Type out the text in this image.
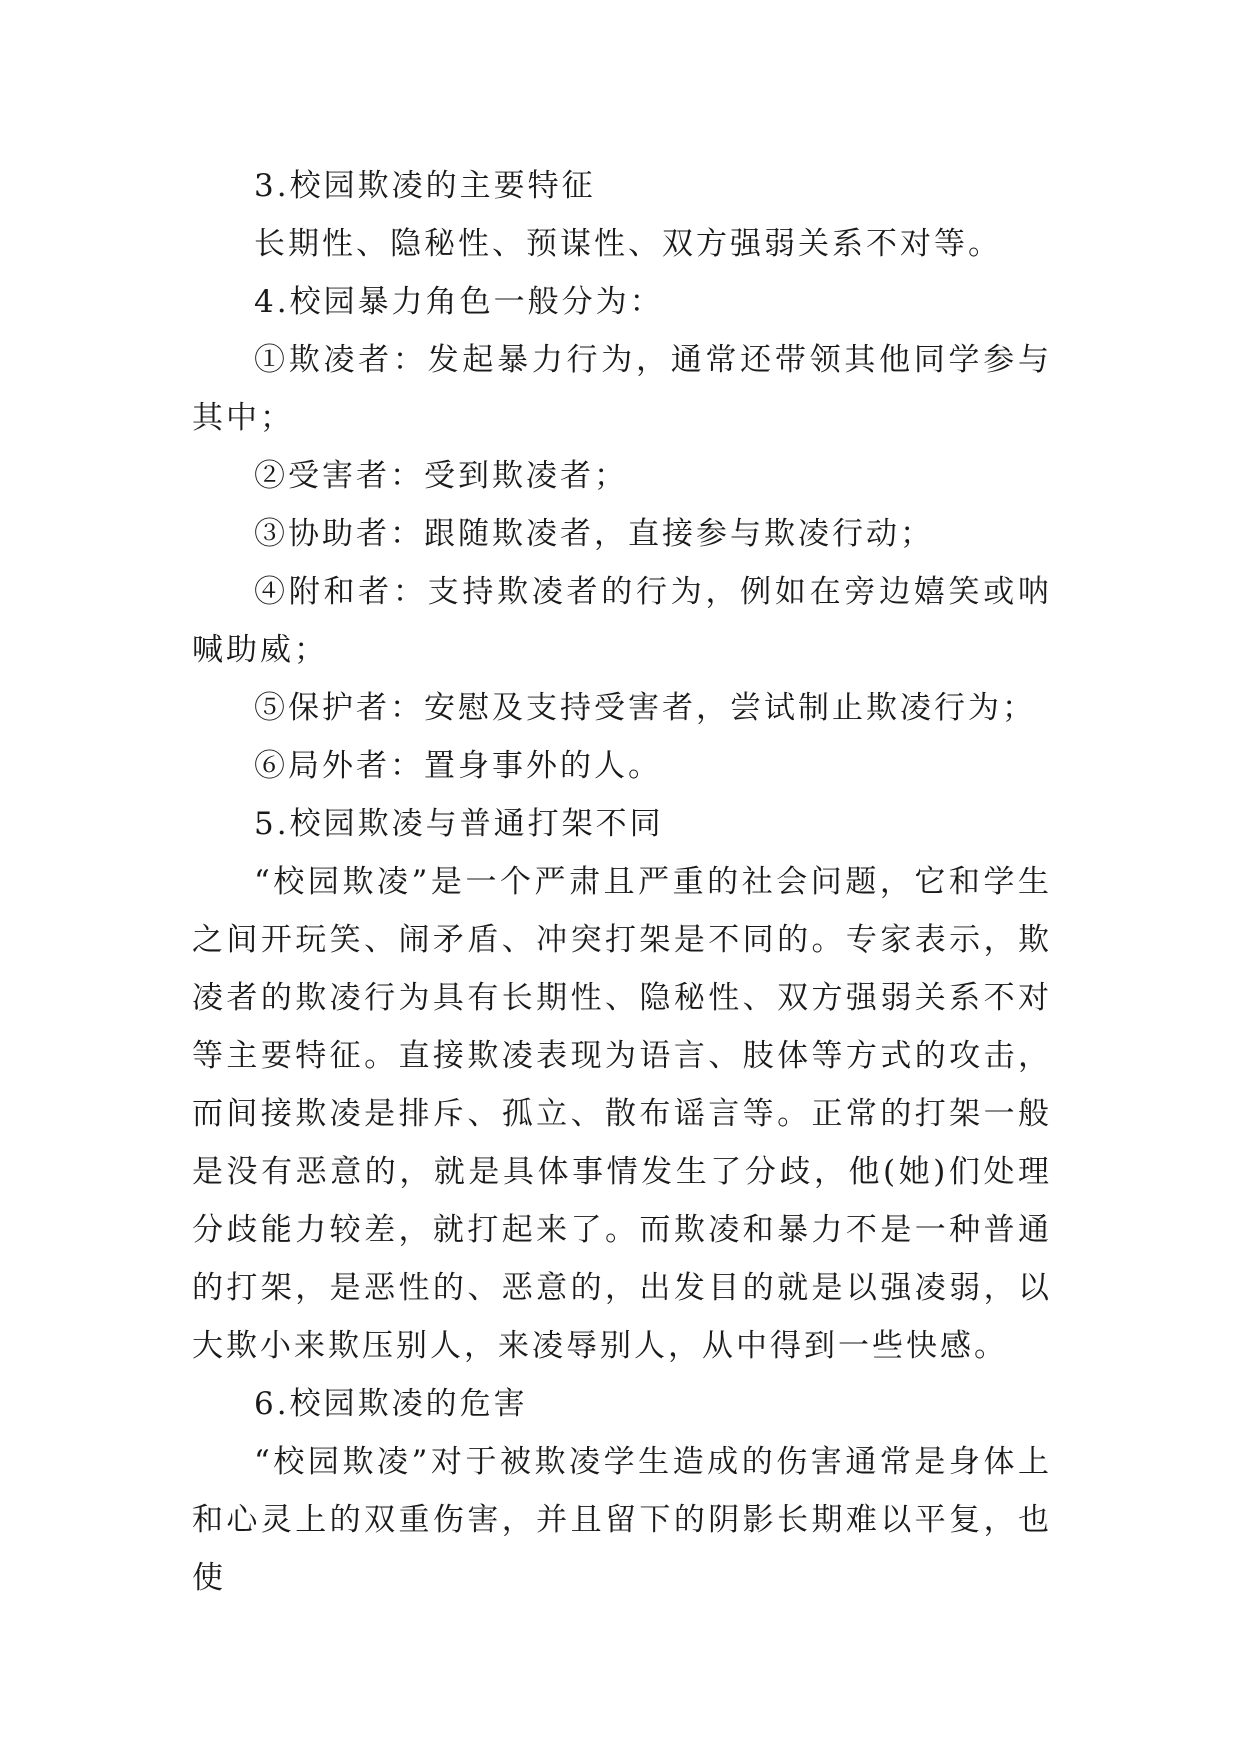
3.校园欺凌的主要特征

长期性、隐秘性、预谋性、双方强弱关系不对等。

4.校园暴力角色一般分为：

①欺凌者：发起暴力行为，通常还带领其他同学参与其中；

②受害者：受到欺凌者；

③协助者：跟随欺凌者，直接参与欺凌行动；

④附和者：支持欺凌者的行为，例如在旁边嬉笑或呐喊助威；

⑤保护者：安慰及支持受害者，尝试制止欺凌行为；

⑥局外者：置身事外的人。

5.校园欺凌与普通打架不同

“校园欺凌”是一个严肃且严重的社会问题，它和学生之间开玩笑、闹矛盾、冲突打架是不同的。专家表示，欺凌者的欺凌行为具有长期性、隐秘性、双方强弱关系不对等主要特征。直接欺凌表现为语言、肢体等方式的攻击，而间接欺凌是排斥、孤立、散布谣言等。正常的打架一般是没有恶意的，就是具体事情发生了分歧，他(她)们处理分歧能力较差，就打起来了。而欺凌和暴力不是一种普通的打架，是恶性的、恶意的，出发目的就是以强凌弱，以大欺小来欺压别人，来凌辱别人，从中得到一些快感。

6.校园欺凌的危害

“校园欺凌”对于被欺凌学生造成的伤害通常是身体上和心灵上的双重伤害，并且留下的阴影长期难以平复，也使
